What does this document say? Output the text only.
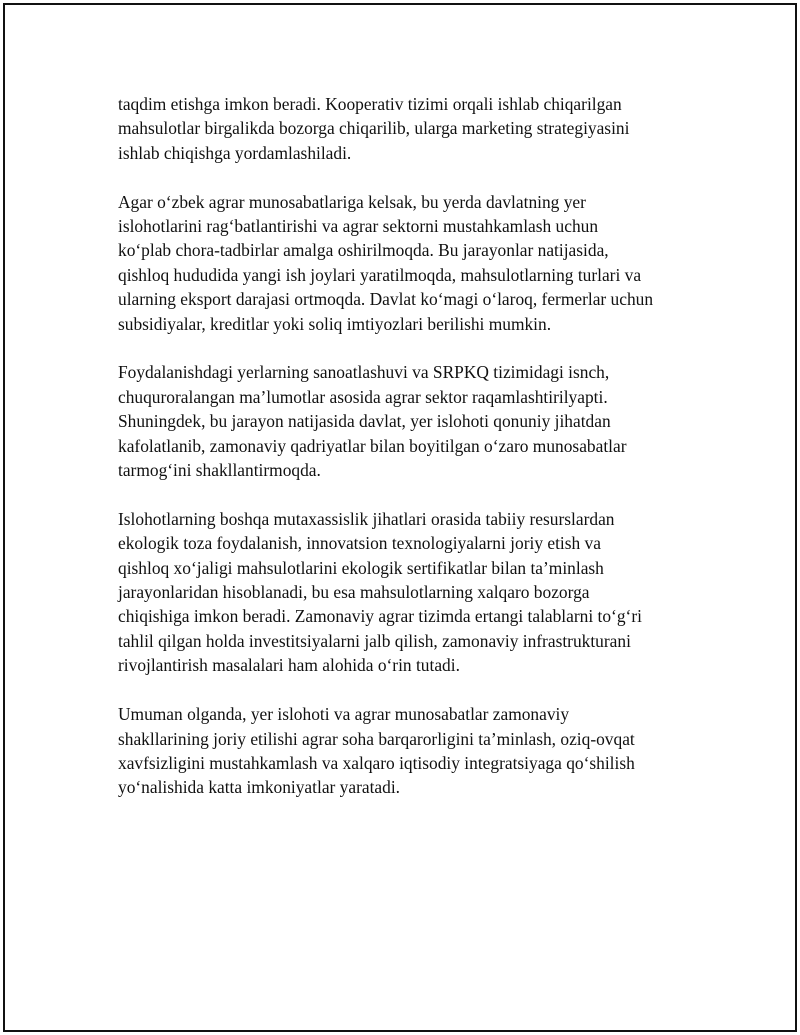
taqdim etishga imkon beradi. Kooperativ tizimi orqali ishlab chiqarilgan
mahsulotlar birgalikda bozorga chiqarilib, ularga marketing strategiyasini
ishlab chiqishga yordamlashiladi.

Agar o‘zbek agrar munosabatlariga kelsak, bu yerda davlatning yer
islohotlarini rag‘batlantirishi va agrar sektorni mustahkamlash uchun
ko‘plab chora-tadbirlar amalga oshirilmoqda. Bu jarayonlar natijasida,
qishloq hududida yangi ish joylari yaratilmoqda, mahsulotlarning turlari va
ularning eksport darajasi ortmoqda. Davlat ko‘magi o‘laroq, fermerlar uchun
subsidiyalar, kreditlar yoki soliq imtiyozlari berilishi mumkin.

Foydalanishdagi yerlarning sanoatlashuvi va SRPKQ tizimidagi isnch,
chuquroralangan ma’lumotlar asosida agrar sektor raqamlashtirilyapti.
Shuningdek, bu jarayon natijasida davlat, yer islohoti qonuniy jihatdan
kafolatlanib, zamonaviy qadriyatlar bilan boyitilgan o‘zaro munosabatlar
tarmog‘ini shakllantirmoqda.

Islohotlarning boshqa mutaxassislik jihatlari orasida tabiiy resurslardan
ekologik toza foydalanish, innovatsion texnologiyalarni joriy etish va
qishloq xo‘jaligi mahsulotlarini ekologik sertifikatlar bilan ta’minlash
jarayonlaridan hisoblanadi, bu esa mahsulotlarning xalqaro bozorga
chiqishiga imkon beradi. Zamonaviy agrar tizimda ertangi talablarni to‘g‘ri
tahlil qilgan holda investitsiyalarni jalb qilish, zamonaviy infrastrukturani
rivojlantirish masalalari ham alohida o‘rin tutadi.

Umuman olganda, yer islohoti va agrar munosabatlar zamonaviy
shakllarining joriy etilishi agrar soha barqarorligini ta’minlash, oziq-ovqat
xavfsizligini mustahkamlash va xalqaro iqtisodiy integratsiyaga qo‘shilish
yo‘nalishida katta imkoniyatlar yaratadi.
